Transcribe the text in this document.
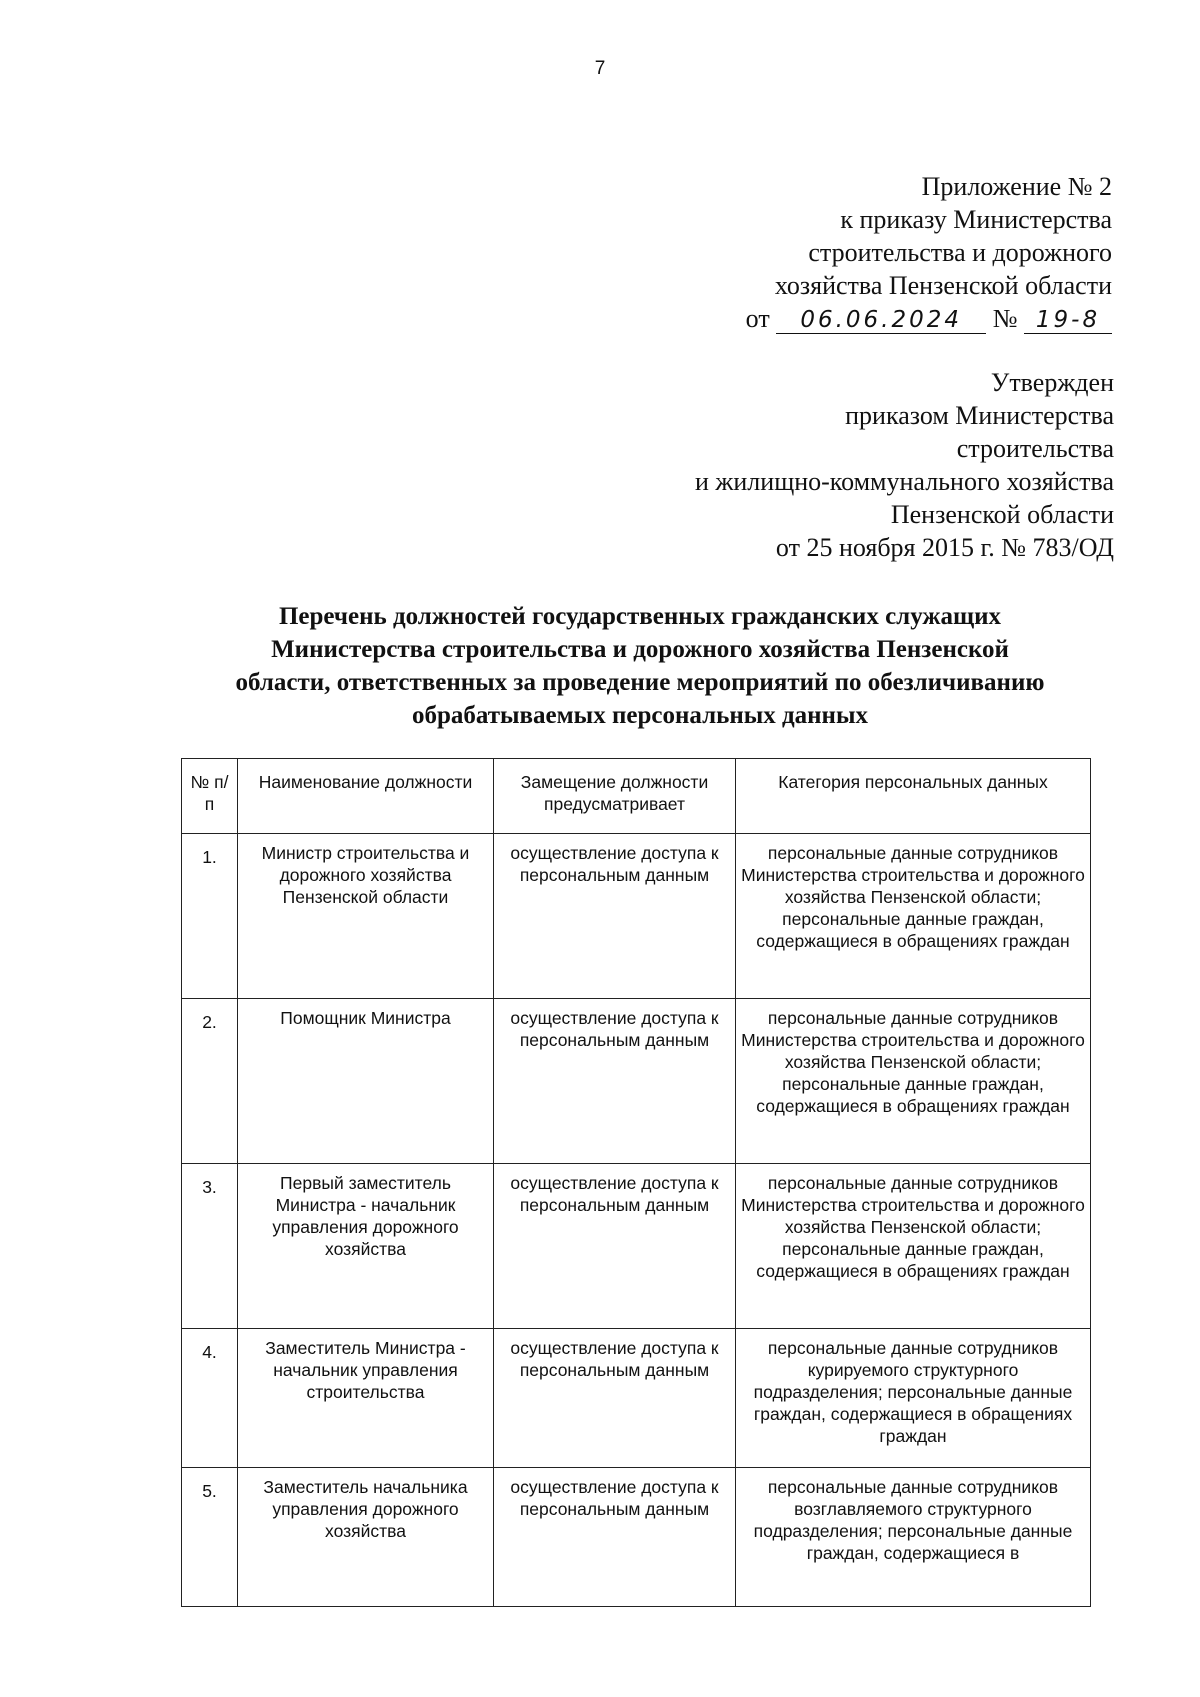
7
Приложение № 2
к приказу Министерства
строительства и дорожного
хозяйства Пензенской области
от 06.06.2024 № 19-8
Утвержден
приказом Министерства
строительства
и жилищно-коммунального хозяйства
Пензенской области
от 25 ноября 2015 г. № 783/ОД
Перечень должностей государственных гражданских служащих
Министерства строительства и дорожного хозяйства Пензенской
области, ответственных за проведение мероприятий по обезличиванию
обрабатываемых персональных данных
№ п/п	Наименование должности	Замещение должности предусматривает	Категория персональных данных
1.	Министр строительства и дорожного хозяйства Пензенской области	осуществление доступа к персональным данным	персональные данные сотрудников Министерства строительства и дорожного хозяйства Пензенской области; персональные данные граждан, содержащиеся в обращениях граждан
2.	Помощник Министра	осуществление доступа к персональным данным	персональные данные сотрудников Министерства строительства и дорожного хозяйства Пензенской области; персональные данные граждан, содержащиеся в обращениях граждан
3.	Первый заместитель Министра - начальник управления дорожного хозяйства	осуществление доступа к персональным данным	персональные данные сотрудников Министерства строительства и дорожного хозяйства Пензенской области; персональные данные граждан, содержащиеся в обращениях граждан
4.	Заместитель Министра - начальник управления строительства	осуществление доступа к персональным данным	персональные данные сотрудников курируемого структурного подразделения; персональные данные граждан, содержащиеся в обращениях граждан
5.	Заместитель начальника управления дорожного хозяйства	осуществление доступа к персональным данным	персональные данные сотрудников возглавляемого структурного подразделения; персональные данные граждан, содержащиеся в
